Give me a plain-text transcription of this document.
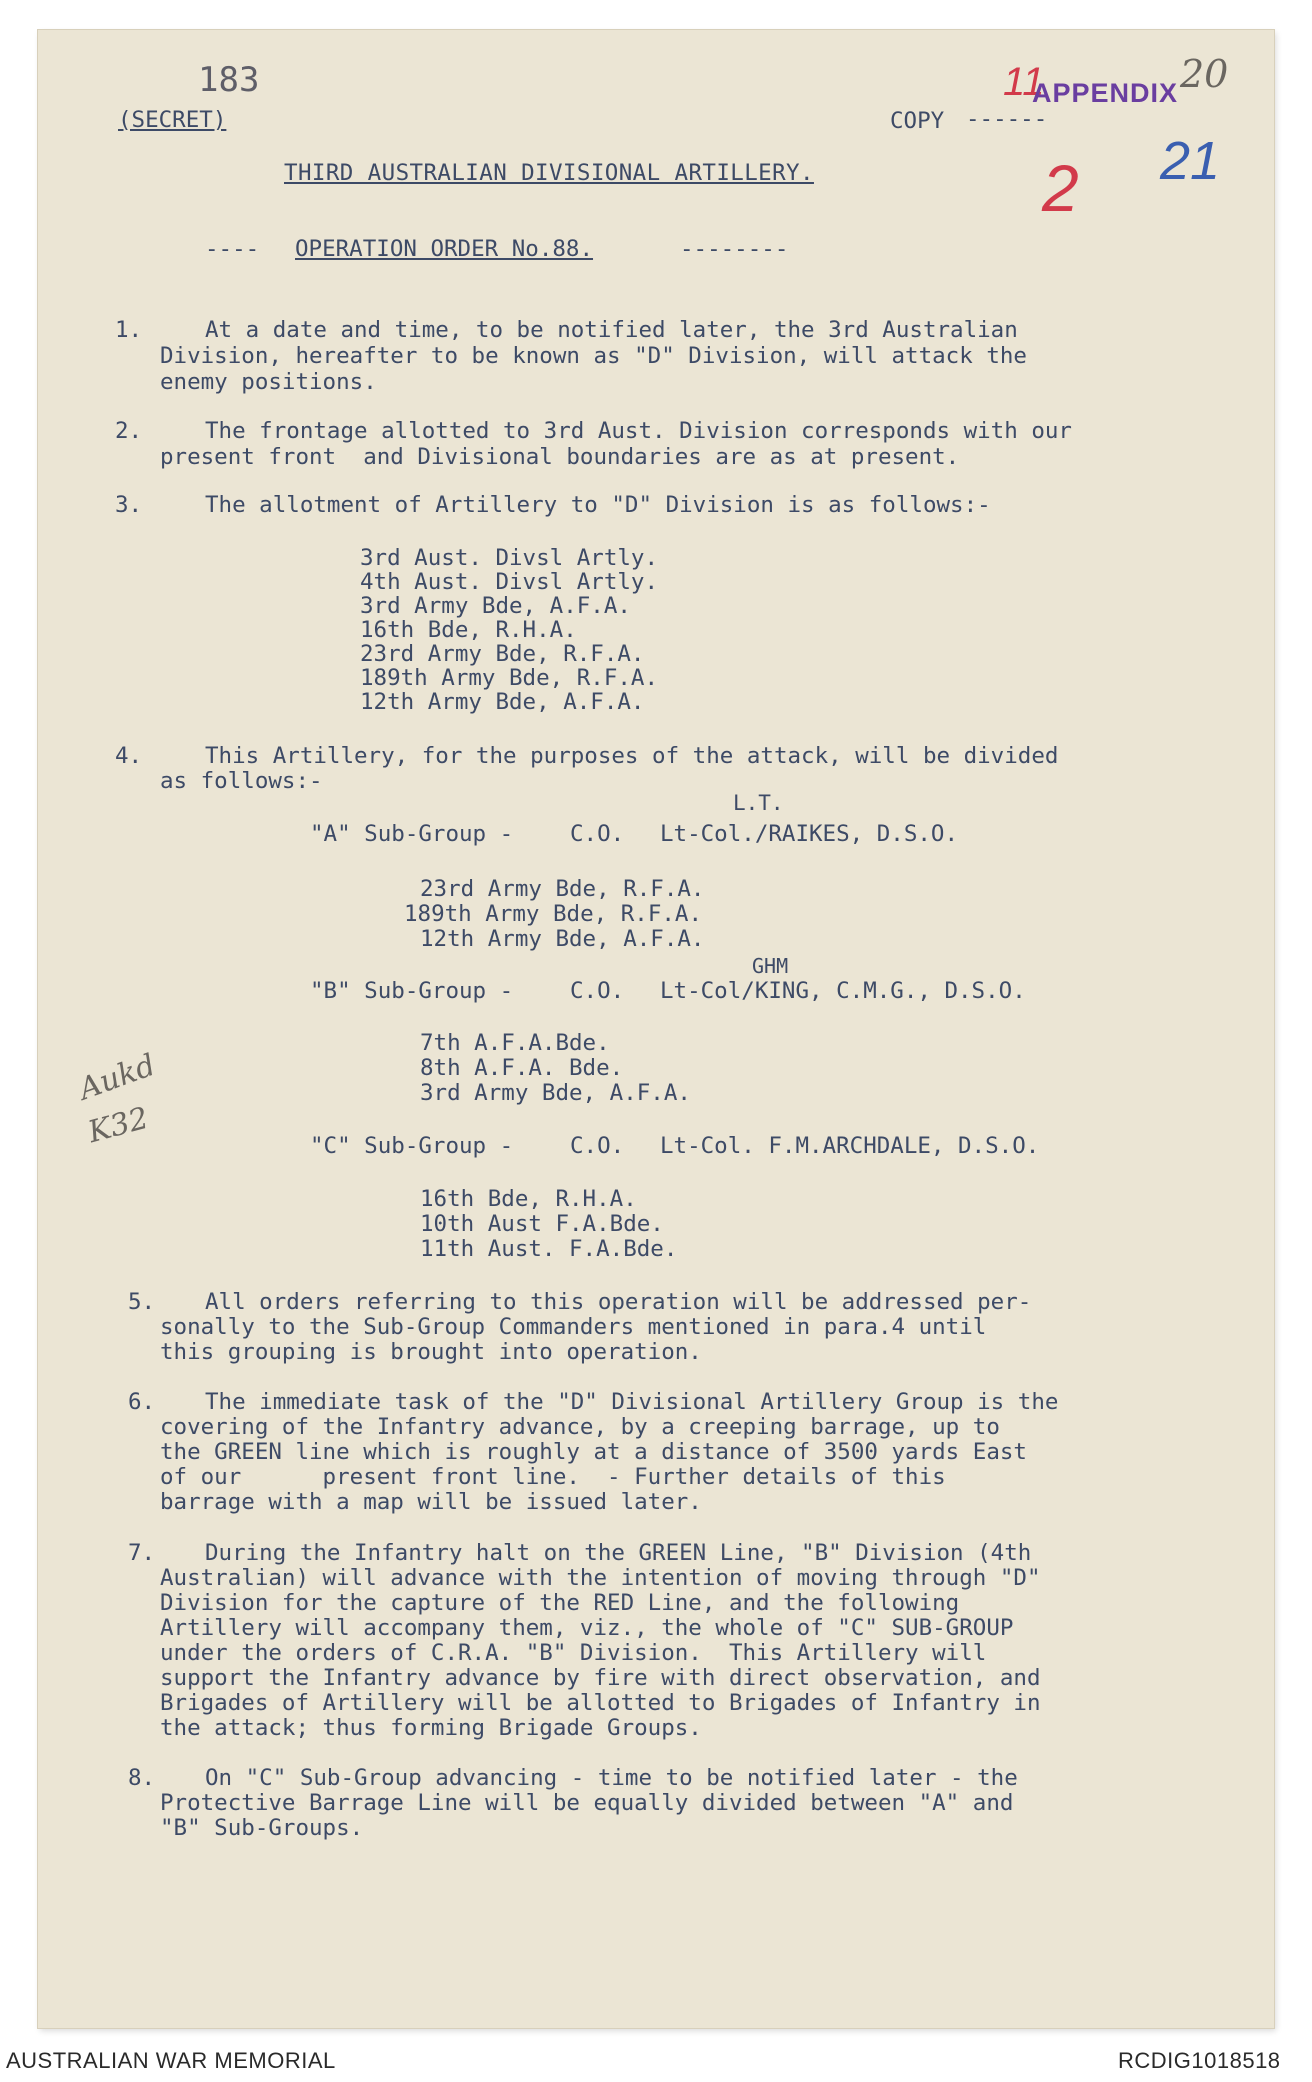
183
(SECRET)	COPY ------
11
APPENDIX 20
2 21
THIRD AUSTRALIAN DIVISIONAL ARTILLERY.
---- OPERATION ORDER No.88.	--------
1.	At a date and time, to be notified later, the 3rd Australian
Division, hereafter to be known as "D" Division, will attack the
enemy positions.
2.	The frontage allotted to 3rd Aust. Division corresponds with our
present front  and Divisional boundaries are as at present.
3.	The allotment of Artillery to "D" Division is as follows:-
3rd Aust. Divsl Artly.
4th Aust. Divsl Artly.
3rd Army Bde, A.F.A.
16th Bde, R.H.A.
23rd Army Bde, R.F.A.
189th Army Bde, R.F.A.
12th Army Bde, A.F.A.
4.	This Artillery, for the purposes of the attack, will be divided
as follows:-
L.T.
"A" Sub-Group -	C.O. Lt-Col./RAIKES, D.S.O.
23rd Army Bde, R.F.A.
189th Army Bde, R.F.A.
12th Army Bde, A.F.A.
GHM
"B" Sub-Group -	C.O. Lt-Col/KING, C.M.G., D.S.O.
7th A.F.A.Bde.
8th A.F.A. Bde.
3rd Army Bde, A.F.A.
Aukd
K32	"C" Sub-Group -	C.O. Lt-Col. F.M.ARCHDALE, D.S.O.
16th Bde, R.H.A.
10th Aust F.A.Bde.
11th Aust. F.A.Bde.
5. All orders referring to this operation will be addressed per-
sonally to the Sub-Group Commanders mentioned in para.4 until
this grouping is brought into operation.
6. The immediate task of the "D" Divisional Artillery Group is the
covering of the Infantry advance, by a creeping barrage, up to
the GREEN line which is roughly at a distance of 3500 yards East
of our      present front line.  - Further details of this
barrage with a map will be issued later.
7. During the Infantry halt on the GREEN Line, "B" Division (4th
Australian) will advance with the intention of moving through "D"
Division for the capture of the RED Line, and the following
Artillery will accompany them, viz., the whole of "C" SUB-GROUP
under the orders of C.R.A. "B" Division.  This Artillery will
support the Infantry advance by fire with direct observation, and
Brigades of Artillery will be allotted to Brigades of Infantry in
the attack; thus forming Brigade Groups.
8. On "C" Sub-Group advancing - time to be notified later - the
Protective Barrage Line will be equally divided between "A" and
"B" Sub-Groups.
AUSTRALIAN WAR MEMORIAL	RCDIG1018518
